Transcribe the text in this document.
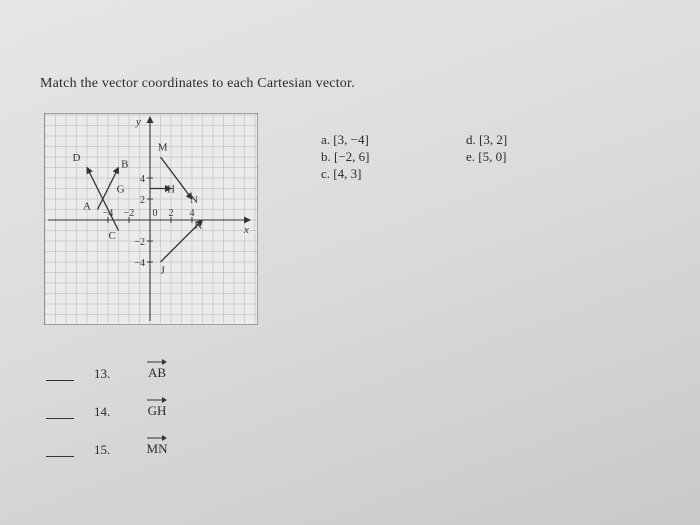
Match the vector coordinates to each Cartesian vector.
a. [3, −4]
b. [−2, 6]
c. [4, 3]
d. [3, 2]
e. [5, 0]
x
y
−4 −2 0 2 4
4
2
−2
−4
A
B
C
D
G	H
M
N
J
K
13.	AB
14.	GH
15.	MN
